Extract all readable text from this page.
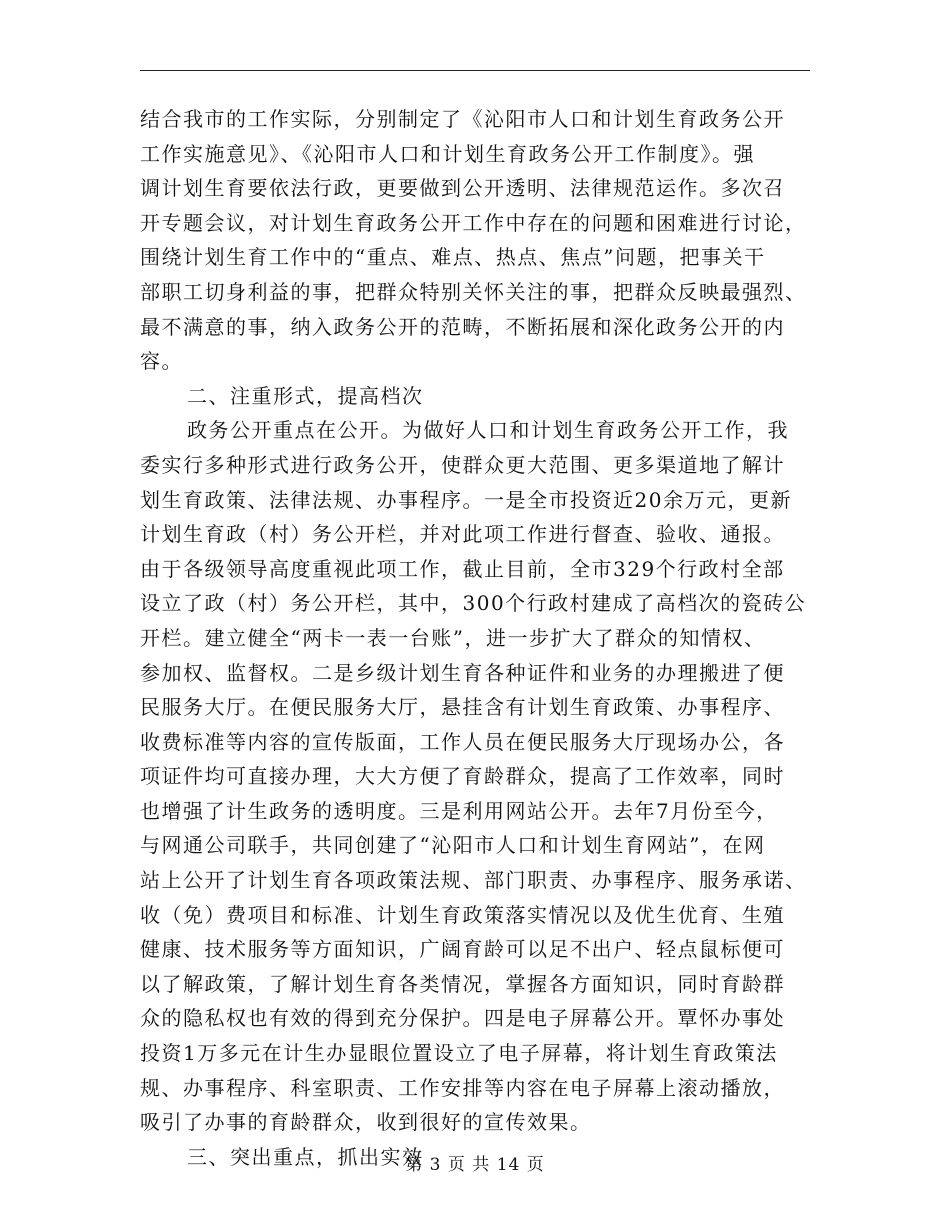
结合我市的工作实际，分别制定了《沁阳市人口和计划生育政务公开
工作实施意见》、《沁阳市人口和计划生育政务公开工作制度》。强
调计划生育要依法行政，更要做到公开透明、法律规范运作。多次召
开专题会议，对计划生育政务公开工作中存在的问题和困难进行讨论，
围绕计划生育工作中的“重点、难点、热点、焦点”问题，把事关干
部职工切身利益的事，把群众特别关怀关注的事，把群众反映最强烈、
最不满意的事，纳入政务公开的范畴，不断拓展和深化政务公开的内
容。
二、注重形式，提高档次
政务公开重点在公开。为做好人口和计划生育政务公开工作，我
委实行多种形式进行政务公开，使群众更大范围、更多渠道地了解计
划生育政策、法律法规、办事程序。一是全市投资近20余万元，更新
计划生育政（村）务公开栏，并对此项工作进行督查、验收、通报。
由于各级领导高度重视此项工作，截止目前，全市329个行政村全部
设立了政（村）务公开栏，其中，300个行政村建成了高档次的瓷砖公
开栏。建立健全“两卡一表一台账”，进一步扩大了群众的知情权、
参加权、监督权。二是乡级计划生育各种证件和业务的办理搬进了便
民服务大厅。在便民服务大厅，悬挂含有计划生育政策、办事程序、
收费标准等内容的宣传版面，工作人员在便民服务大厅现场办公，各
项证件均可直接办理，大大方便了育龄群众，提高了工作效率，同时
也增强了计生政务的透明度。三是利用网站公开。去年7月份至今，
与网通公司联手，共同创建了“沁阳市人口和计划生育网站”，在网
站上公开了计划生育各项政策法规、部门职责、办事程序、服务承诺、
收（免）费项目和标准、计划生育政策落实情况以及优生优育、生殖
健康、技术服务等方面知识，广阔育龄可以足不出户、轻点鼠标便可
以了解政策，了解计划生育各类情况，掌握各方面知识，同时育龄群
众的隐私权也有效的得到充分保护。四是电子屏幕公开。覃怀办事处
投资1万多元在计生办显眼位置设立了电子屏幕，将计划生育政策法
规、办事程序、科室职责、工作安排等内容在电子屏幕上滚动播放，
吸引了办事的育龄群众，收到很好的宣传效果。
三、突出重点，抓出实效
第 3 页 共 14 页
